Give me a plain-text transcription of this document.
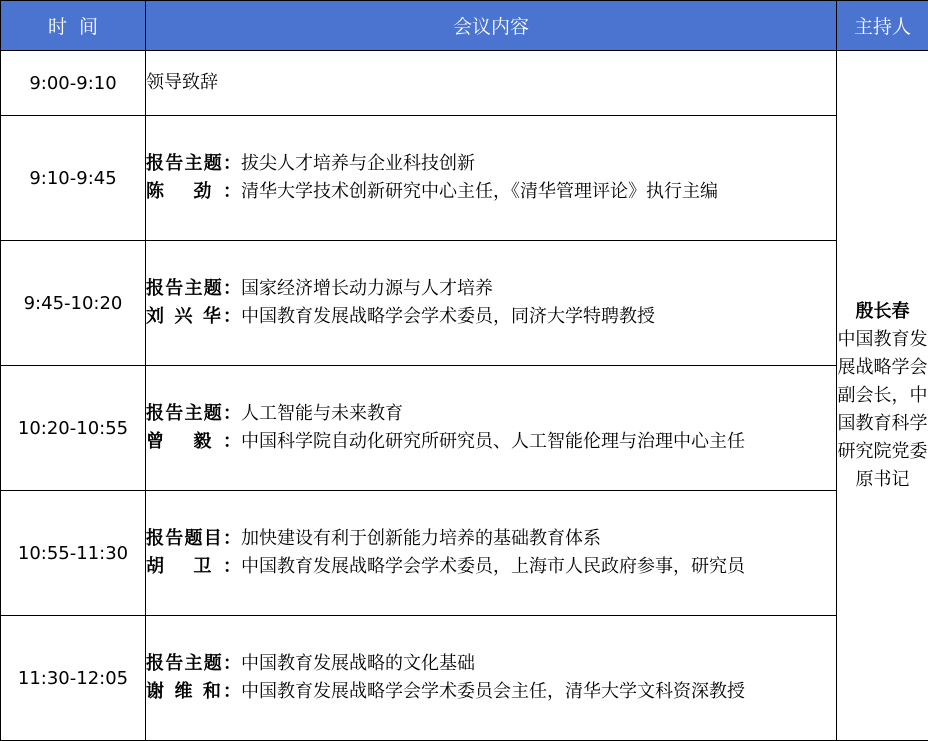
时  间	会议内容	主持人
9:00-9:10	领导致辞	殷长春
中国教育发展战略学会副会长，中国教育科学研究院党委原书记

9:10-9:45	报告主题：拔尖人才培养与企业科技创新
陈 劲：清华大学技术创新研究中心主任，《清华管理评论》执行主编	

9:45-10:20	报告主题：国家经济增长动力源与人才培养
刘 兴 华：中国教育发展战略学会学术委员，同济大学特聘教授	

10:20-10:55	报告主题：人工智能与未来教育
曾 毅：中国科学院自动化研究所研究员、人工智能伦理与治理中心主任	

10:55-11:30	报告题目：加快建设有利于创新能力培养的基础教育体系
胡 卫：中国教育发展战略学会学术委员，上海市人民政府参事，研究员	

11:30-12:05	报告主题：中国教育发展战略的文化基础
谢 维 和：中国教育发展战略学会学术委员会主任，清华大学文科资深教授	
